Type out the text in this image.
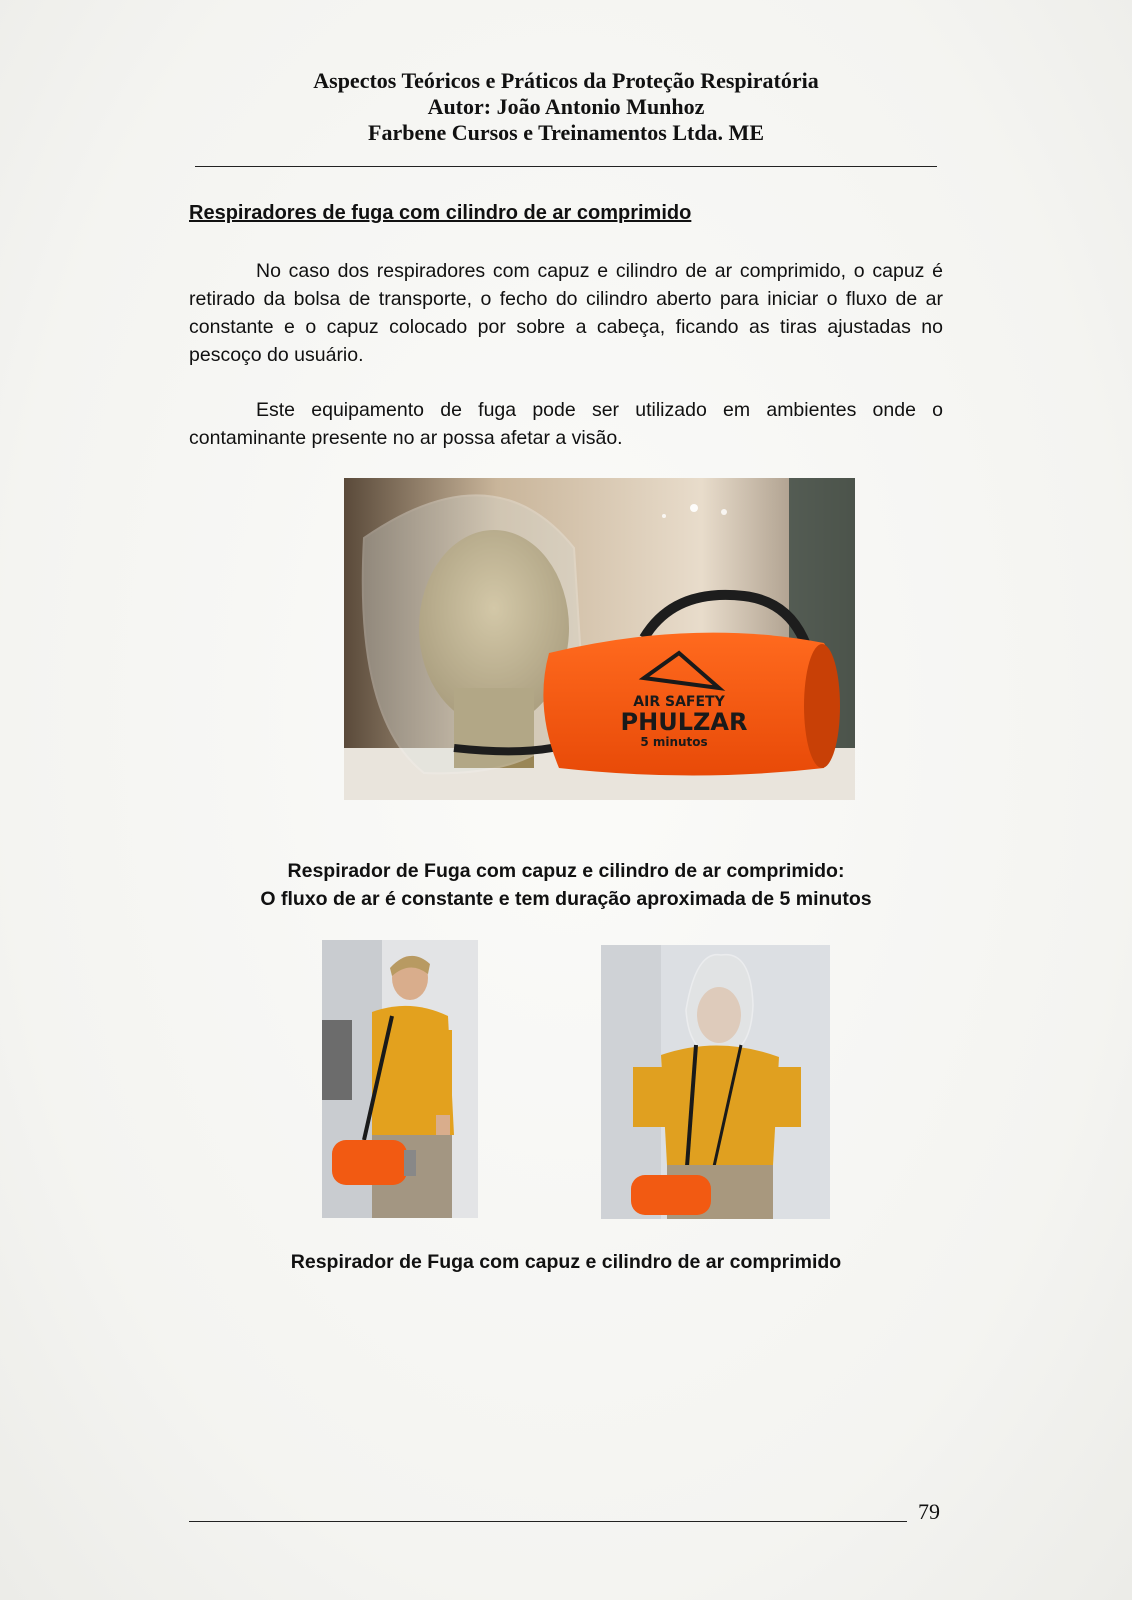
Aspectos Teóricos e Práticos da Proteção Respiratória
Autor: João Antonio Munhoz
Farbene Cursos e Treinamentos Ltda. ME
Respiradores de fuga com cilindro de ar comprimido

No caso dos respiradores com capuz e cilindro de ar comprimido, o capuz é retirado da bolsa de transporte, o fecho do cilindro aberto para iniciar o fluxo de ar constante e o capuz colocado por sobre a cabeça, ficando as tiras ajustadas no pescoço do usuário.

Este equipamento de fuga pode ser utilizado em ambientes onde o contaminante presente no ar possa afetar a visão.

AIR SAFETY
PHULZAR
5 minutos
Respirador de Fuga com capuz e cilindro de ar comprimido:
O fluxo de ar é constante e tem duração aproximada de 5 minutos
Respirador de Fuga com capuz e cilindro de ar comprimido
79
